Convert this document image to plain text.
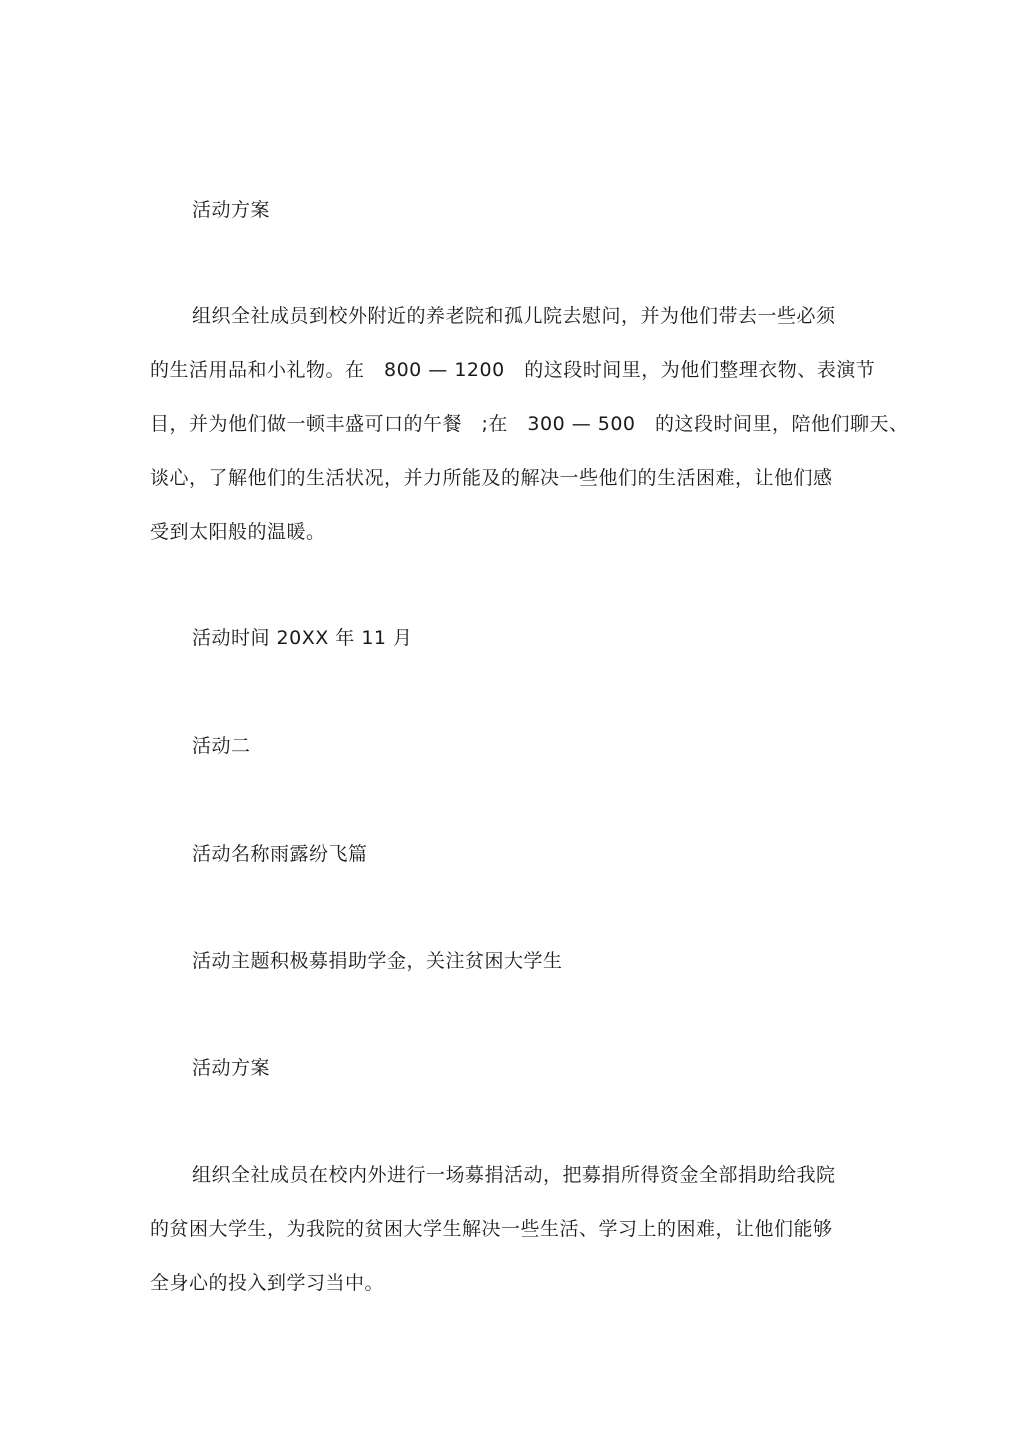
活动方案
组织全社成员到校外附近的养老院和孤儿院去慰问，并为他们带去一些必须
的生活用品和小礼物。在　800 — 1200　的这段时间里，为他们整理衣物、表演节
目，并为他们做一顿丰盛可口的午餐　;在　300 — 500　的这段时间里，陪他们聊天、
谈心，了解他们的生活状况，并力所能及的解决一些他们的生活困难，让他们感
受到太阳般的温暖。
活动时间 20XX 年 11 月
活动二
活动名称雨露纷飞篇
活动主题积极募捐助学金，关注贫困大学生
活动方案
组织全社成员在校内外进行一场募捐活动，把募捐所得资金全部捐助给我院
的贫困大学生，为我院的贫困大学生解决一些生活、学习上的困难，让他们能够
全身心的投入到学习当中。
